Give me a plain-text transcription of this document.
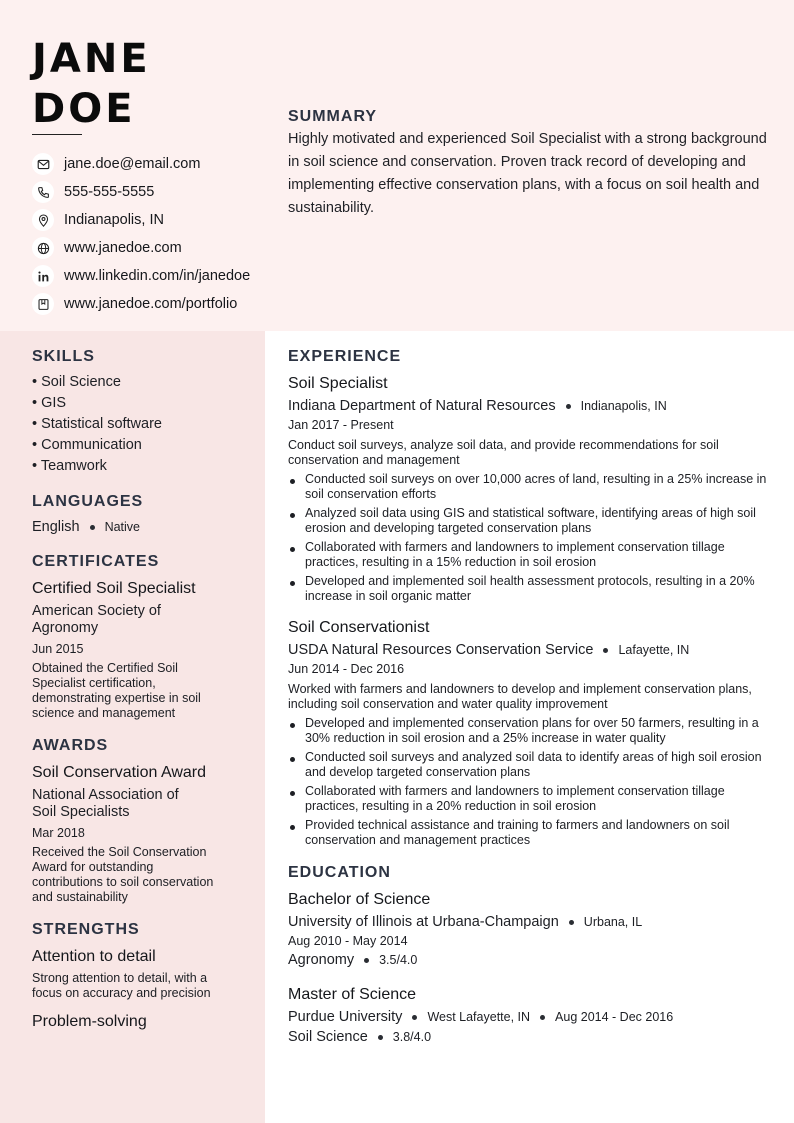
JANE
DOE
jane.doe@email.com
555-555-5555
Indianapolis, IN
www.janedoe.com
www.linkedin.com/in/janedoe
www.janedoe.com/portfolio
SUMMARY
Highly motivated and experienced Soil Specialist with a strong background in soil science and conservation. Proven track record of developing and implementing effective conservation plans, with a focus on soil health and sustainability.
SKILLS
• Soil Science
• GIS
• Statistical software
• Communication
• Teamwork
LANGUAGES
English Native
CERTIFICATES
Certified Soil Specialist
American Society of Agronomy
Jun 2015
Obtained the Certified Soil Specialist certification, demonstrating expertise in soil science and management
AWARDS
Soil Conservation Award
National Association of Soil Specialists
Mar 2018
Received the Soil Conservation Award for outstanding contributions to soil conservation and sustainability
STRENGTHS
Attention to detail
Strong attention to detail, with a focus on accuracy and precision
Problem-solving
EXPERIENCE
Soil Specialist
Indiana Department of Natural Resources Indianapolis, IN
Jan 2017 - Present
Conduct soil surveys, analyze soil data, and provide recommendations for soil conservation and management
Conducted soil surveys on over 10,000 acres of land, resulting in a 25% increase in soil conservation efforts
Analyzed soil data using GIS and statistical software, identifying areas of high soil erosion and developing targeted conservation plans
Collaborated with farmers and landowners to implement conservation tillage practices, resulting in a 15% reduction in soil erosion
Developed and implemented soil health assessment protocols, resulting in a 20% increase in soil organic matter
Soil Conservationist
USDA Natural Resources Conservation Service Lafayette, IN
Jun 2014 - Dec 2016
Worked with farmers and landowners to develop and implement conservation plans, including soil conservation and water quality improvement
Developed and implemented conservation plans for over 50 farmers, resulting in a 30% reduction in soil erosion and a 25% increase in water quality
Conducted soil surveys and analyzed soil data to identify areas of high soil erosion and develop targeted conservation plans
Collaborated with farmers and landowners to implement conservation tillage practices, resulting in a 20% reduction in soil erosion
Provided technical assistance and training to farmers and landowners on soil conservation and management practices
EDUCATION
Bachelor of Science
University of Illinois at Urbana-Champaign Urbana, IL
Aug 2010 - May 2014
Agronomy 3.5/4.0
Master of Science
Purdue University West Lafayette, IN Aug 2014 - Dec 2016
Soil Science 3.8/4.0
